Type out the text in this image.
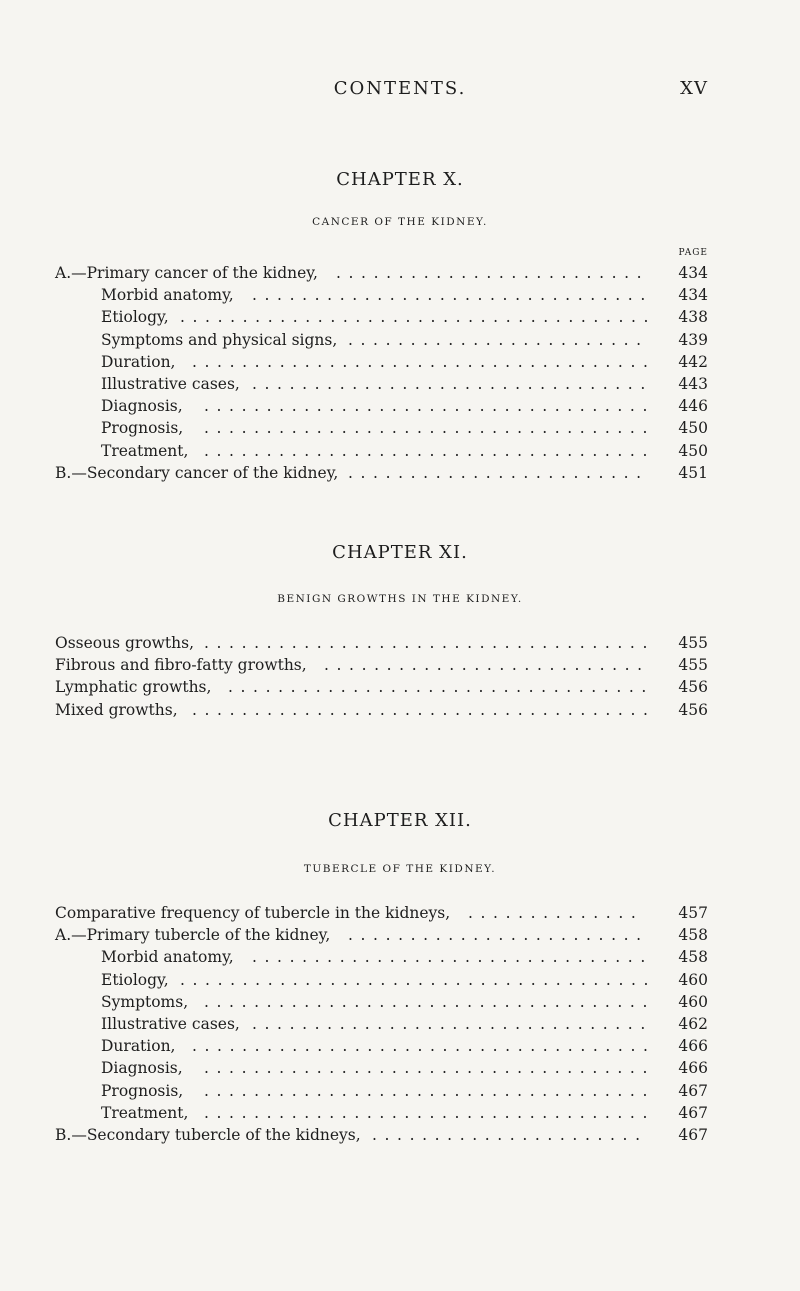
CONTENTS.	XV

CHAPTER X.

CANCER OF THE KIDNEY.

PAGE
A.—Primary cancer of the kidney, ......................... 434
Morbid anatomy, ................................ 434
Etiology, ...................................... 438
Symptoms and physical signs, ........................ 439
Duration, ..................................... 442
Illustrative cases, ................................ 443
Diagnosis, .................................... 446
Prognosis, .................................... 450
Treatment, .................................... 450
B.—Secondary cancer of the kidney, ........................ 451

CHAPTER XI.

BENIGN GROWTHS IN THE KIDNEY.

Osseous growths, .................................... 455
Fibrous and fibro-fatty growths, .......................... 455
Lymphatic growths, .................................. 456
Mixed growths, ..................................... 456

CHAPTER XII.

TUBERCLE OF THE KIDNEY.

Comparative frequency of tubercle in the kidneys, .............. 457
A.—Primary tubercle of the kidney, ........................ 458
Morbid anatomy, ................................ 458
Etiology, ...................................... 460
Symptoms, .................................... 460
Illustrative cases, ................................ 462
Duration, ..................................... 466
Diagnosis, .................................... 466
Prognosis, .................................... 467
Treatment, .................................... 467
B.—Secondary tubercle of the kidneys, ...................... 467
